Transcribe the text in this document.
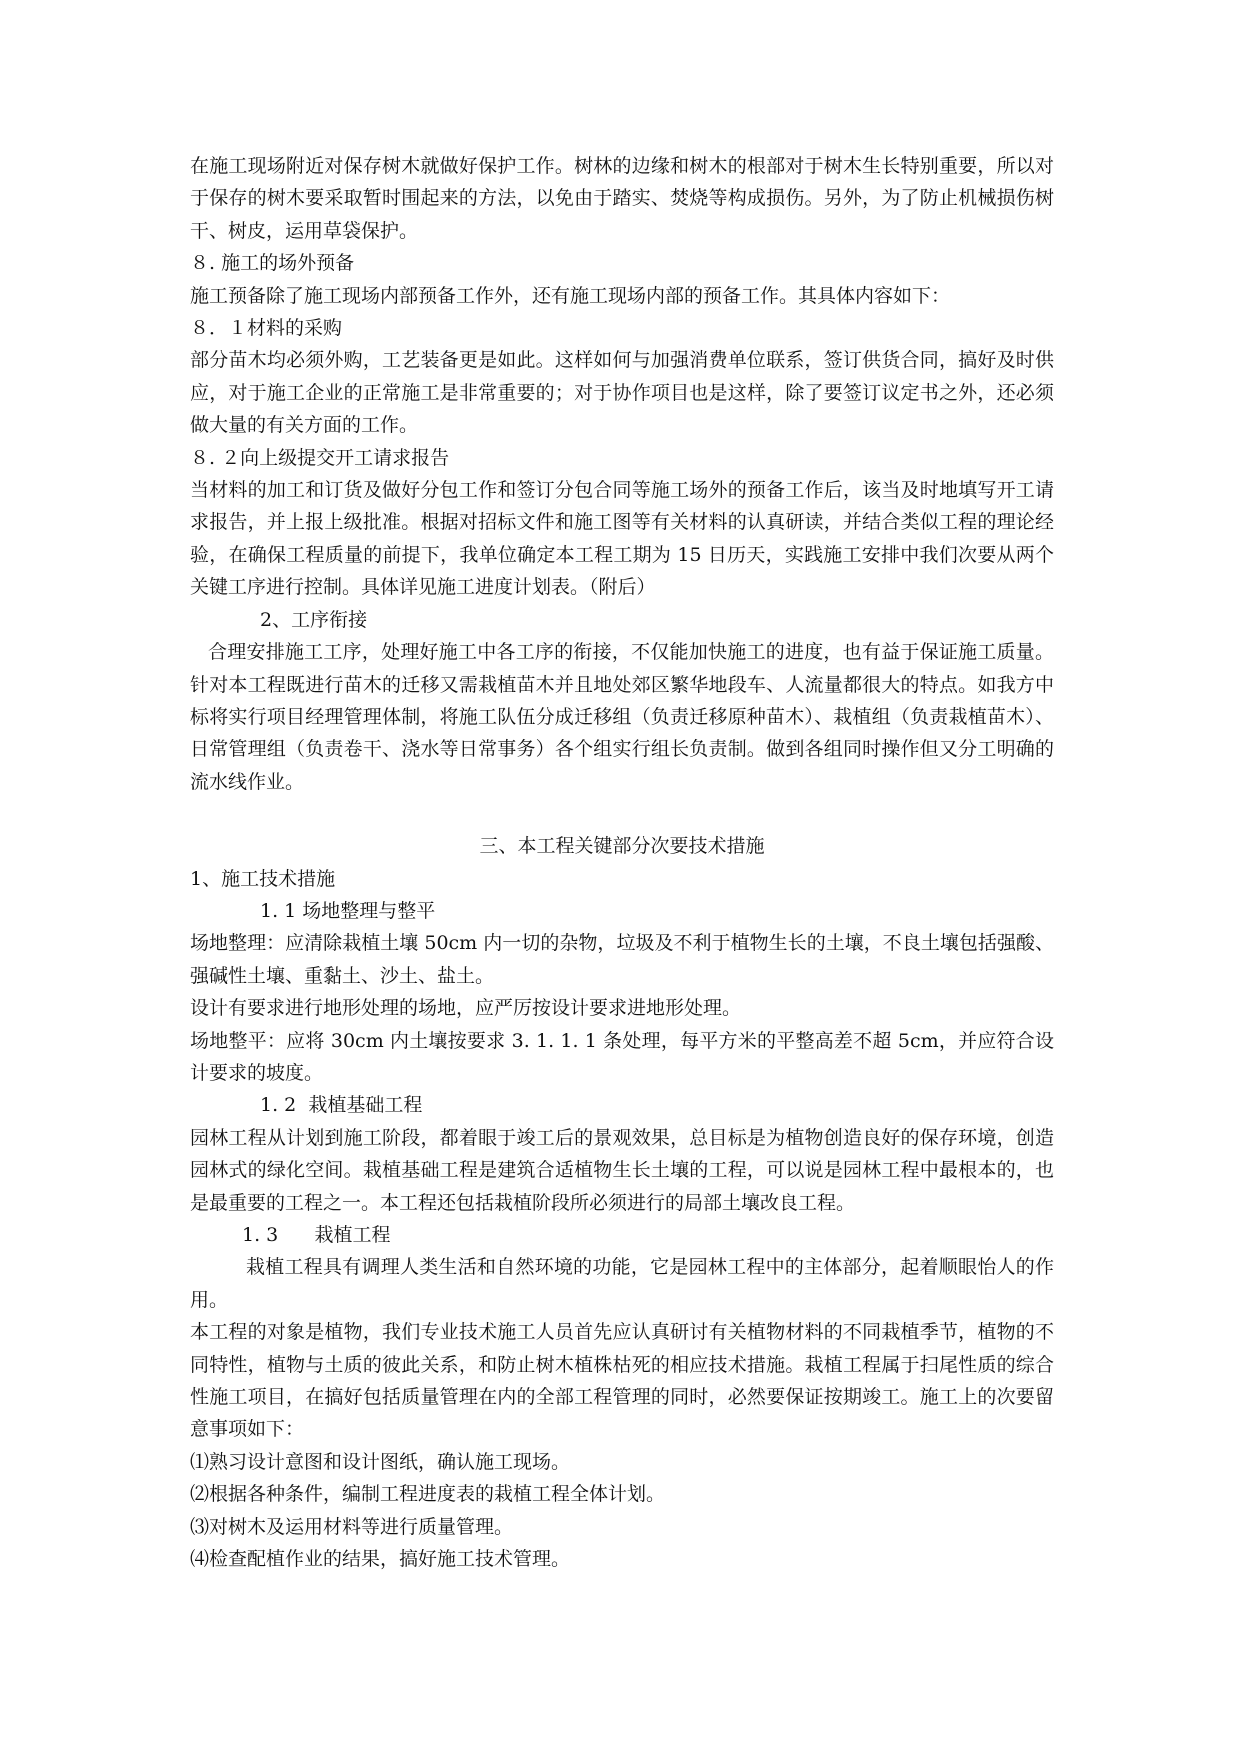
在施工现场附近对保存树木就做好保护工作。树林的边缘和树木的根部对于树木生长特别重要，所以对于保存的树木要采取暂时围起来的方法，以免由于踏实、焚烧等构成损伤。另外，为了防止机械损伤树干、树皮，运用草袋保护。

８. 施工的场外预备

施工预备除了施工现场内部预备工作外，还有施工现场内部的预备工作。其具体内容如下：

８．１材料的采购

部分苗木均必须外购，工艺装备更是如此。这样如何与加强消费单位联系，签订供货合同，搞好及时供应，对于施工企业的正常施工是非常重要的；对于协作项目也是这样，除了要签订议定书之外，还必须做大量的有关方面的工作。

８. ２向上级提交开工请求报告

当材料的加工和订货及做好分包工作和签订分包合同等施工场外的预备工作后，该当及时地填写开工请求报告，并上报上级批准。根据对招标文件和施工图等有关材料的认真研读，并结合类似工程的理论经验，在确保工程质量的前提下，我单位确定本工程工期为 15 日历天，实践施工安排中我们次要从两个关键工序进行控制。具体详见施工进度计划表。（附后）

2、工序衔接

合理安排施工工序，处理好施工中各工序的衔接，不仅能加快施工的进度，也有益于保证施工质量。针对本工程既进行苗木的迁移又需栽植苗木并且地处郊区繁华地段车、人流量都很大的特点。如我方中标将实行项目经理管理体制，将施工队伍分成迁移组（负责迁移原种苗木）、栽植组（负责栽植苗木）、日常管理组（负责卷干、浇水等日常事务）各个组实行组长负责制。做到各组同时操作但又分工明确的流水线作业。

三、本工程关键部分次要技术措施

1、施工技术措施

1. 1 场地整理与整平

场地整理：应清除栽植土壤 50cm 内一切的杂物，垃圾及不利于植物生长的土壤，不良土壤包括强酸、强碱性土壤、重黏土、沙土、盐土。

设计有要求进行地形处理的场地，应严厉按设计要求进地形处理。

场地整平：应将 30cm 内土壤按要求 3. 1. 1. 1 条处理，每平方米的平整高差不超 5cm，并应符合设计要求的坡度。

1. 2  栽植基础工程

园林工程从计划到施工阶段，都着眼于竣工后的景观效果，总目标是为植物创造良好的保存环境，创造园林式的绿化空间。栽植基础工程是建筑合适植物生长土壤的工程，可以说是园林工程中最根本的，也是最重要的工程之一。本工程还包括栽植阶段所必须进行的局部土壤改良工程。

1. 3      栽植工程

栽植工程具有调理人类生活和自然环境的功能，它是园林工程中的主体部分，起着顺眼怡人的作用。

本工程的对象是植物，我们专业技术施工人员首先应认真研讨有关植物材料的不同栽植季节，植物的不同特性，植物与土质的彼此关系，和防止树木植株枯死的相应技术措施。栽植工程属于扫尾性质的综合性施工项目，在搞好包括质量管理在内的全部工程管理的同时，必然要保证按期竣工。施工上的次要留意事项如下：

⑴熟习设计意图和设计图纸，确认施工现场。
⑵根据各种条件，编制工程进度表的栽植工程全体计划。
⑶对树木及运用材料等进行质量管理。
⑷检查配植作业的结果，搞好施工技术管理。
